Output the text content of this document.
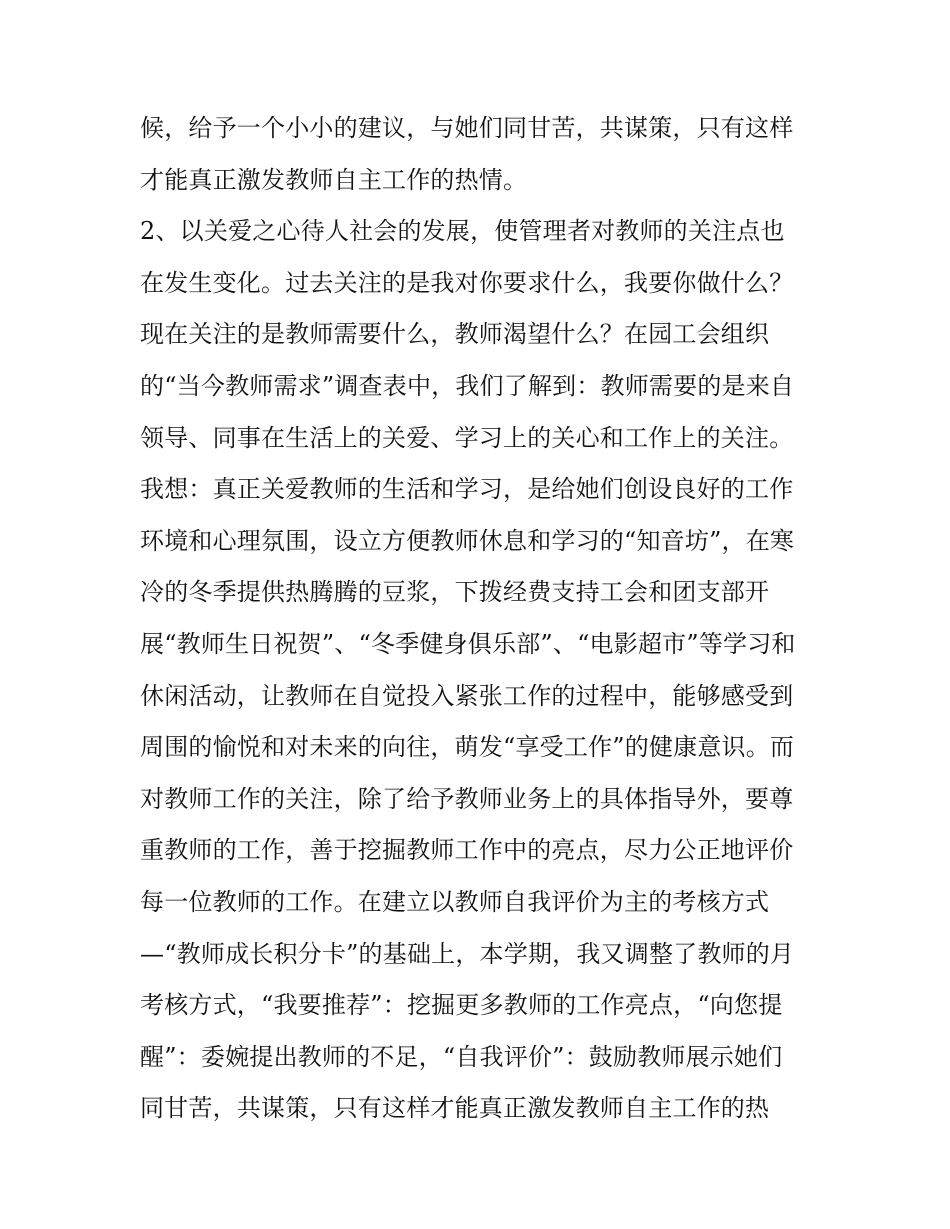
候，给予一个小小的建议，与她们同甘苦，共谋策，只有这样
才能真正激发教师自主工作的热情。
2、以关爱之心待人社会的发展，使管理者对教师的关注点也
在发生变化。过去关注的是我对你要求什么，我要你做什么？
现在关注的是教师需要什么，教师渴望什么？在园工会组织
的“当今教师需求”调查表中，我们了解到：教师需要的是来自
领导、同事在生活上的关爱、学习上的关心和工作上的关注。
我想：真正关爱教师的生活和学习，是给她们创设良好的工作
环境和心理氛围，设立方便教师休息和学习的“知音坊”，在寒
冷的冬季提供热腾腾的豆浆，下拨经费支持工会和团支部开
展“教师生日祝贺”、“冬季健身俱乐部”、“电影超市”等学习和
休闲活动，让教师在自觉投入紧张工作的过程中，能够感受到
周围的愉悦和对未来的向往，萌发“享受工作”的健康意识。而
对教师工作的关注，除了给予教师业务上的具体指导外，要尊
重教师的工作，善于挖掘教师工作中的亮点，尽力公正地评价
每一位教师的工作。在建立以教师自我评价为主的考核方式
—“教师成长积分卡”的基础上，本学期，我又调整了教师的月
考核方式，“我要推荐”：挖掘更多教师的工作亮点，“向您提
醒”：委婉提出教师的不足，“自我评价”：鼓励教师展示她们
同甘苦，共谋策，只有这样才能真正激发教师自主工作的热
